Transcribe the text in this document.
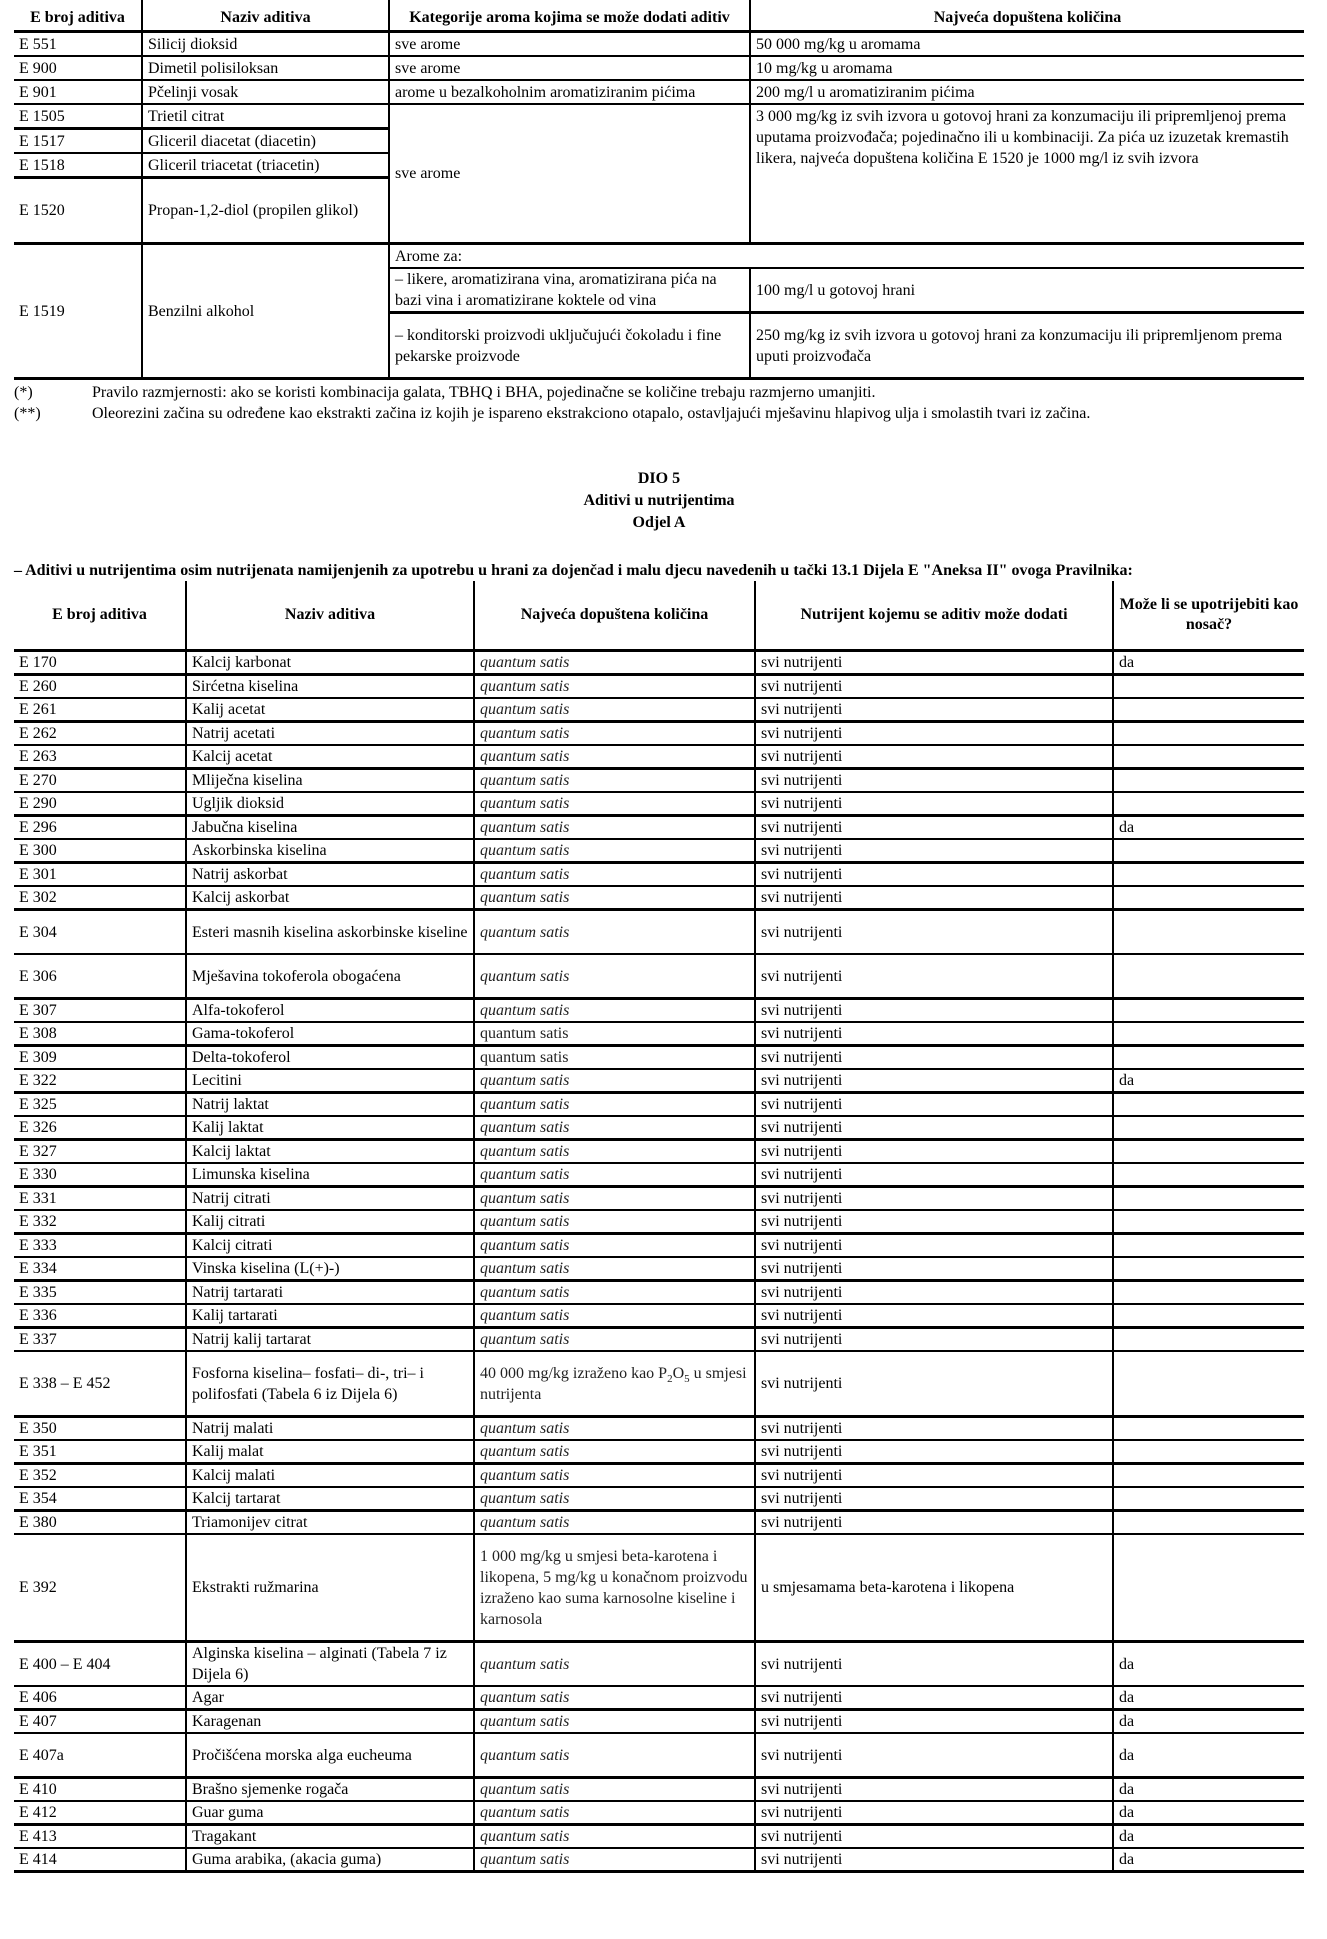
E broj aditiva	Naziv aditiva	Kategorije aroma kojima se može dodati aditiv	Najveća dopuštena količina
E 551	Silicij dioksid	sve arome	50 000 mg/kg u aromama
E 900	Dimetil polisiloksan	sve arome	10 mg/kg u aromama
E 901	Pčelinji vosak	arome u bezalkoholnim aromatiziranim pićima	200 mg/l u aromatiziranim pićima
E 1505	Trietil citrat	sve arome	3 000 mg/kg iz svih izvora u gotovoj hrani za konzumaciju ili pripremljenoj prema uputama proizvođača; pojedinačno ili u kombinaciji. Za pića uz izuzetak kremastih likera, najveća dopuštena količina E 1520 je 1000 mg/l iz svih izvora
E 1517	Gliceril diacetat (diacetin)		
E 1518	Gliceril triacetat (triacetin)		
E 1520	Propan-1,2-diol (propilen glikol)		
E 1519	Benzilni alkohol	Arome za:	
		– likere, aromatizirana vina, aromatizirana pića na bazi vina i aromatizirane koktele od vina	100 mg/l u gotovoj hrani
		– konditorski proizvodi uključujući čokoladu i fine pekarske proizvode	250 mg/kg iz svih izvora u gotovoj hrani za konzumaciju ili pripremljenom prema uputi proizvođača
(*)	Pravilo razmjernosti: ako se koristi kombinacija galata, TBHQ i BHA, pojedinačne se količine trebaju razmjerno umanjiti.
(**)	Oleorezini začina su određene kao ekstrakti začina iz kojih je ispareno ekstrakciono otapalo, ostavljajući mješavinu hlapivog ulja i smolastih tvari iz začina.
DIO 5
Aditivi u nutrijentima
Odjel A
– Aditivi u nutrijentima osim nutrijenata namijenjenih za upotrebu u hrani za dojenčad i malu djecu navedenih u tački 13.1 Dijela E "Aneksa II" ovoga Pravilnika:
E broj aditiva	Naziv aditiva	Najveća dopuštena količina	Nutrijent kojemu se aditiv može dodati	Može li se upotrijebiti kao nosač?
E 170	Kalcij karbonat	quantum satis	svi nutrijenti	da
E 260	Sirćetna kiselina	quantum satis	svi nutrijenti	
E 261	Kalij acetat	quantum satis	svi nutrijenti	
E 262	Natrij acetati	quantum satis	svi nutrijenti	
E 263	Kalcij acetat	quantum satis	svi nutrijenti	
E 270	Mliječna kiselina	quantum satis	svi nutrijenti	
E 290	Ugljik dioksid	quantum satis	svi nutrijenti	
E 296	Jabučna kiselina	quantum satis	svi nutrijenti	da
E 300	Askorbinska kiselina	quantum satis	svi nutrijenti	
E 301	Natrij askorbat	quantum satis	svi nutrijenti	
E 302	Kalcij askorbat	quantum satis	svi nutrijenti	
E 304	Esteri masnih kiselina askorbinske kiseline	quantum satis	svi nutrijenti	
E 306	Mješavina tokoferola obogaćena	quantum satis	svi nutrijenti	
E 307	Alfa-tokoferol	quantum satis	svi nutrijenti	
E 308	Gama-tokoferol	quantum satis	svi nutrijenti	
E 309	Delta-tokoferol	quantum satis	svi nutrijenti	
E 322	Lecitini	quantum satis	svi nutrijenti	da
E 325	Natrij laktat	quantum satis	svi nutrijenti	
E 326	Kalij laktat	quantum satis	svi nutrijenti	
E 327	Kalcij laktat	quantum satis	svi nutrijenti	
E 330	Limunska kiselina	quantum satis	svi nutrijenti	
E 331	Natrij citrati	quantum satis	svi nutrijenti	
E 332	Kalij citrati	quantum satis	svi nutrijenti	
E 333	Kalcij citrati	quantum satis	svi nutrijenti	
E 334	Vinska kiselina (L(+)-)	quantum satis	svi nutrijenti	
E 335	Natrij tartarati	quantum satis	svi nutrijenti	
E 336	Kalij tartarati	quantum satis	svi nutrijenti	
E 337	Natrij kalij tartarat	quantum satis	svi nutrijenti	
E 338 – E 452	Fosforna kiselina– fosfati– di-, tri– i polifosfati (Tabela 6 iz Dijela 6)	40 000 mg/kg izraženo kao $P_2O_5$ u smjesi nutrijenta	svi nutrijenti	
E 350	Natrij malati	quantum satis	svi nutrijenti	
E 351	Kalij malat	quantum satis	svi nutrijenti	
E 352	Kalcij malati	quantum satis	svi nutrijenti	
E 354	Kalcij tartarat	quantum satis	svi nutrijenti	
E 380	Triamonijev citrat	quantum satis	svi nutrijenti	
E 392	Ekstrakti ružmarina	1 000 mg/kg u smjesi beta-karotena i likopena, 5 mg/kg u konačnom proizvodu izraženo kao suma karnosolne kiseline i karnosola	u smjesamama beta-karotena i likopena	
E 400 – E 404	Alginska kiselina – alginati (Tabela 7 iz Dijela 6)	quantum satis	svi nutrijenti	da
E 406	Agar	quantum satis	svi nutrijenti	da
E 407	Karagenan	quantum satis	svi nutrijenti	da
E 407a	Pročišćena morska alga eucheuma	quantum satis	svi nutrijenti	da
E 410	Brašno sjemenke rogača	quantum satis	svi nutrijenti	da
E 412	Guar guma	quantum satis	svi nutrijenti	da
E 413	Tragakant	quantum satis	svi nutrijenti	da
E 414	Guma arabika, (akacia guma)	quantum satis	svi nutrijenti	da
